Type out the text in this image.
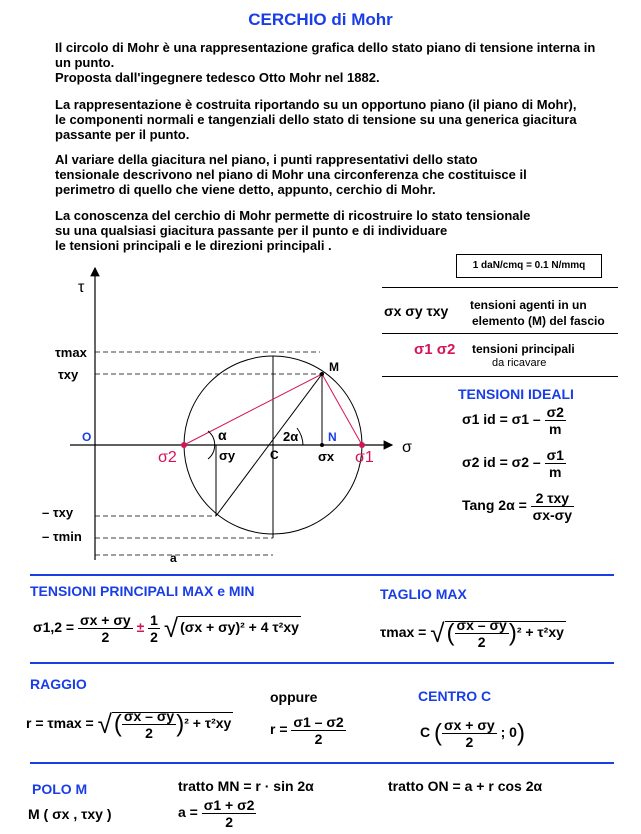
CERCHIO di Mohr
Il circolo di Mohr è una rappresentazione grafica dello stato piano di tensione interna in
un punto.
Proposta dall'ingegnere tedesco Otto Mohr nel 1882.
La rappresentazione è costruita riportando su un opportuno piano (il piano di Mohr),
le componenti normali e tangenziali dello stato di tensione su una generica giacitura
passante per il punto.
Al variare della giacitura nel piano, i punti rappresentativi dello stato
tensionale descrivono nel piano di Mohr una circonferenza che costituisce il
perimetro di quello che viene detto, appunto, cerchio di Mohr.
La conoscenza del cerchio di Mohr permette di ricostruire lo stato tensionale
su una qualsiasi giacitura passante per il punto e di individuare
le tensioni principali e le direzioni principali .
1 daN/cmq = 0.1 N/mmq
τ
σ
O
τmax
τxy
– τxy
– τmin
M
N
C
σ2	σ1
σy	σx
α	2α
a
σx σy τxy tensioni agenti in un
elemento (M) del fascio
σ1 σ2 tensioni principali
da ricavare
TENSIONI IDEALI
σ1 id = $\sigma 1 - \frac{\sigma 2}{m}$
σ2 id = $\sigma 2 - \frac{\sigma 1}{m}$
Tang $2\alpha = \frac{\text{2 τxy}}{\sigma x-\sigma y}$
TENSIONI PRINCIPALI MAX e MIN
$\sigma 1,2 = \frac{\sigma x + \sigma y}{2} \pm \frac{1}{2}$ √ (σx + σy)² + 4 τ²xy
TAGLIO MAX
τmax = √( $\frac{\sigma x - \sigma y}{2} )^2 + \tau^2xy$
RAGGIO
r = τmax = √( $\frac{\sigma x - \sigma y}{2} )^2 + \tau^2xy$
oppure
$r = \frac{\sigma 1 - \sigma 2}{2}$
CENTRO C
C ( $\frac{\sigma x + \sigma y}{2}$ ; 0)
POLO M
M ( σx , τxy )
tratto MN = r · sin 2α	tratto ON = a + r cos 2α
$a = \frac{\sigma 1 + \sigma 2}{2}$
